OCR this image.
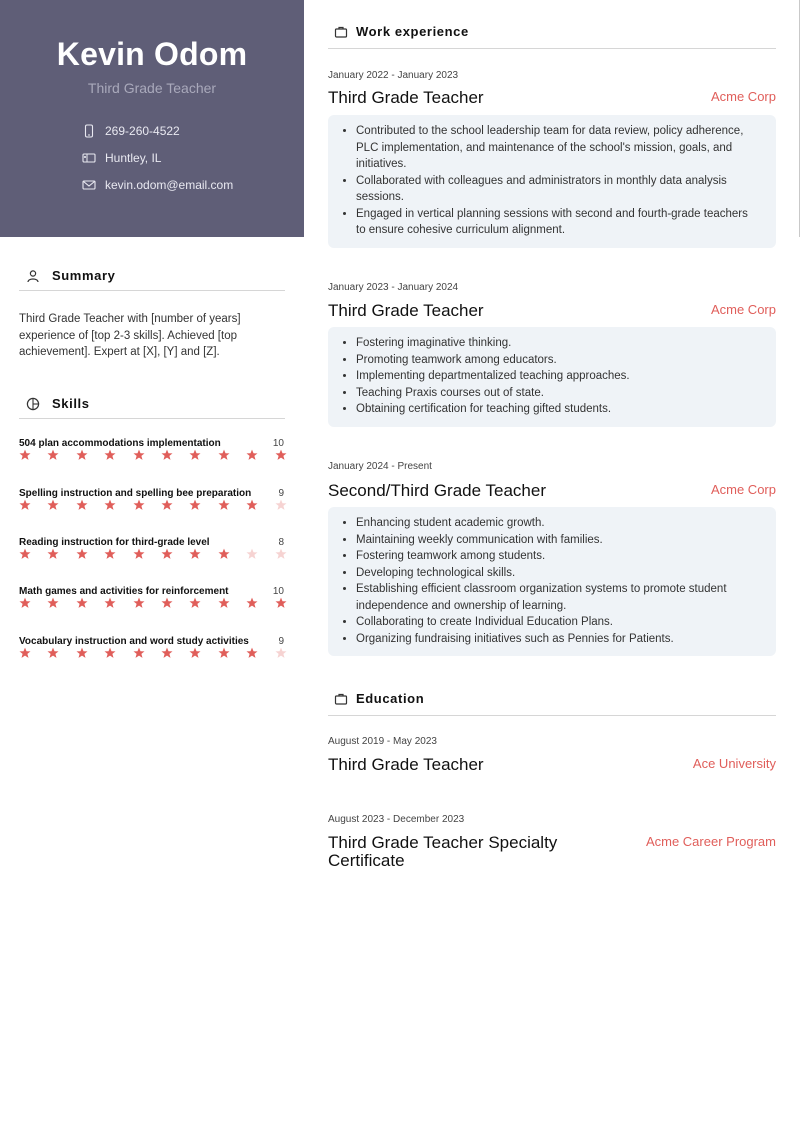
Kevin Odom
Third Grade Teacher
269-260-4522
Huntley, IL
kevin.odom@email.com
Summary
Third Grade Teacher with [number of years] experience of [top 2-3 skills]. Achieved [top achievement]. Expert at [X], [Y] and [Z].
Skills
504 plan accommodations implementation	10
Spelling instruction and spelling bee preparation	9
Reading instruction for third-grade level	8
Math games and activities for reinforcement	10
Vocabulary instruction and word study activities	9
Work experience
January 2022 - January 2023
Third Grade Teacher	Acme Corp
• Contributed to the school leadership team for data review, policy adherence, PLC implementation, and maintenance of the school's mission, goals, and initiatives.
• Collaborated with colleagues and administrators in monthly data analysis sessions.
• Engaged in vertical planning sessions with second and fourth-grade teachers to ensure cohesive curriculum alignment.
January 2023 - January 2024
Third Grade Teacher	Acme Corp
• Fostering imaginative thinking.
• Promoting teamwork among educators.
• Implementing departmentalized teaching approaches.
• Teaching Praxis courses out of state.
• Obtaining certification for teaching gifted students.
January 2024 - Present
Second/Third Grade Teacher	Acme Corp
• Enhancing student academic growth.
• Maintaining weekly communication with families.
• Fostering teamwork among students.
• Developing technological skills.
• Establishing efficient classroom organization systems to promote student independence and ownership of learning.
• Collaborating to create Individual Education Plans.
• Organizing fundraising initiatives such as Pennies for Patients.
Education
August 2019 - May 2023
Third Grade Teacher	Ace University
August 2023 - December 2023
Third Grade Teacher Specialty Certificate
Acme Career Program
